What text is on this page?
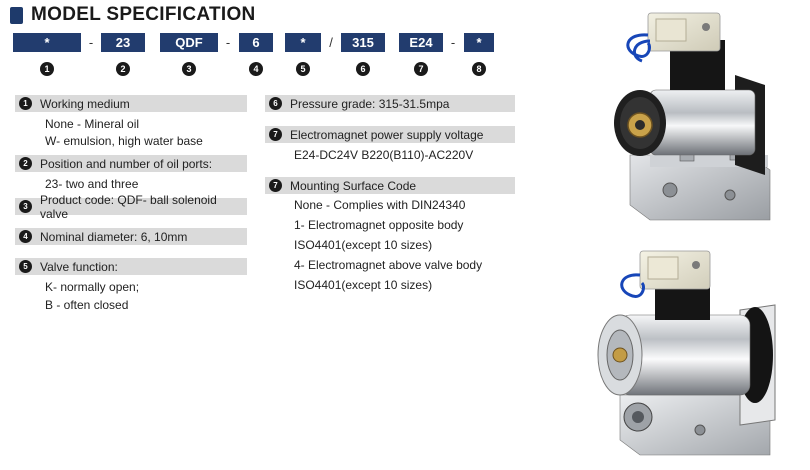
MODEL SPECIFICATION
*	-	23	QDF	-	6	*	/	315	E24	-	*
1	2	3	4	5	6	7	8
1	Working medium
None - Mineral oil
W- emulsion, high water base
2	Position and number of oil ports:
23- two and three
3	Product code: QDF- ball solenoid valve
4	Nominal diameter: 6, 10mm
5	Valve function:
K- normally open;
B - often closed
6	Pressure grade: 315-31.5mpa
7	Electromagnet power supply voltage
E24-DC24V B220(B110)-AC220V
7	Mounting Surface Code
None - Complies with DIN24340
1- Electromagnet opposite body
ISO4401(except 10 sizes)
4- Electromagnet above valve body
ISO4401(except 10 sizes)
